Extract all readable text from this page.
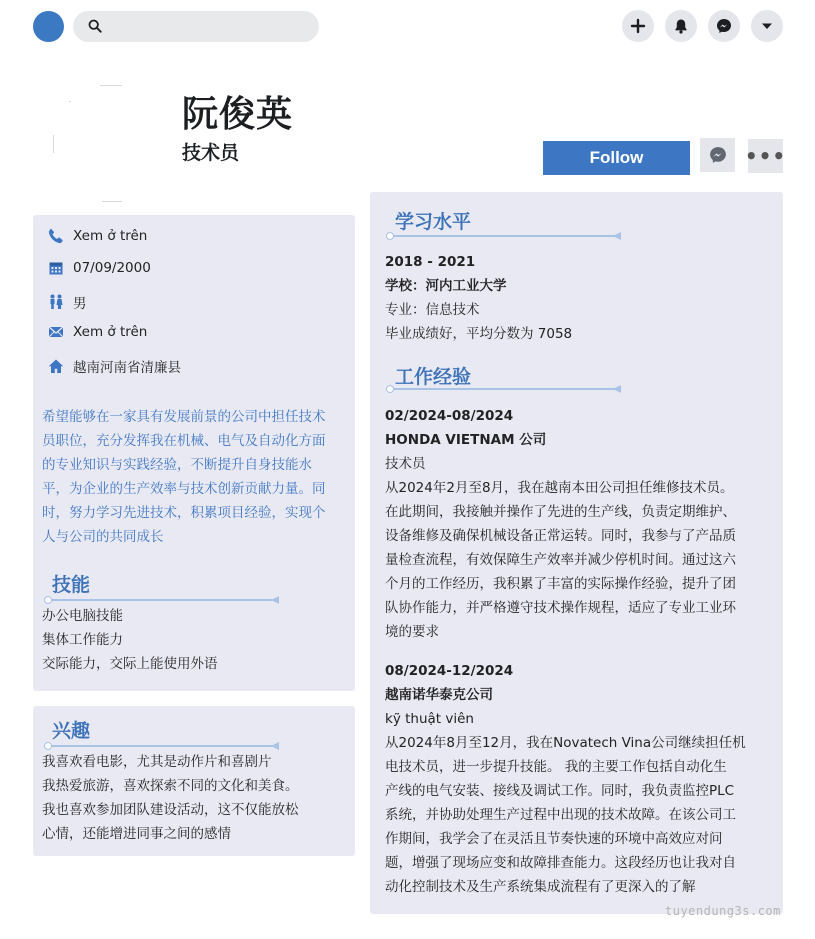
阮俊英
技术员	Follow	•••
Xem ở trên
07/09/2000
男
Xem ở trên
越南河南省清廉县
希望能够在一家具有发展前景的公司中担任技术员职位，充分发挥我在机械、电气及自动化方面的专业知识与实践经验，不断提升自身技能水平，为企业的生产效率与技术创新贡献力量。同时，努力学习先进技术，积累项目经验，实现个人与公司的共同成长
技能
办公电脑技能
集体工作能力
交际能力，交际上能使用外语
兴趣
我喜欢看电影，尤其是动作片和喜剧片
我热爱旅游，喜欢探索不同的文化和美食。
我也喜欢参加团队建设活动，这不仅能放松
心情，还能增进同事之间的感情
学习水平
2018 - 2021
学校：河内工业大学
专业：信息技术
毕业成绩好，平均分数为 7058
工作经验
02/2024-08/2024
HONDA VIETNAM 公司
技术员
从2024年2月至8月，我在越南本田公司担任维修技术员。
在此期间，我接触并操作了先进的生产线，负责定期维护、
设备维修及确保机械设备正常运转。同时，我参与了产品质
量检查流程，有效保障生产效率并减少停机时间。通过这六
个月的工作经历，我积累了丰富的实际操作经验，提升了团
队协作能力，并严格遵守技术操作规程，适应了专业工业环
境的要求
08/2024-12/2024
越南诺华泰克公司
kỹ thuật viên
从2024年8月至12月，我在Novatech Vina公司继续担任机
电技术员，进一步提升技能。 我的主要工作包括自动化生
产线的电气安装、接线及调试工作。同时，我负责监控PLC
系统，并协助处理生产过程中出现的技术故障。在该公司工
作期间，我学会了在灵活且节奏快速的环境中高效应对问
题，增强了现场应变和故障排查能力。这段经历也让我对自
动化控制技术及生产系统集成流程有了更深入的了解
tuyendung3s.com
